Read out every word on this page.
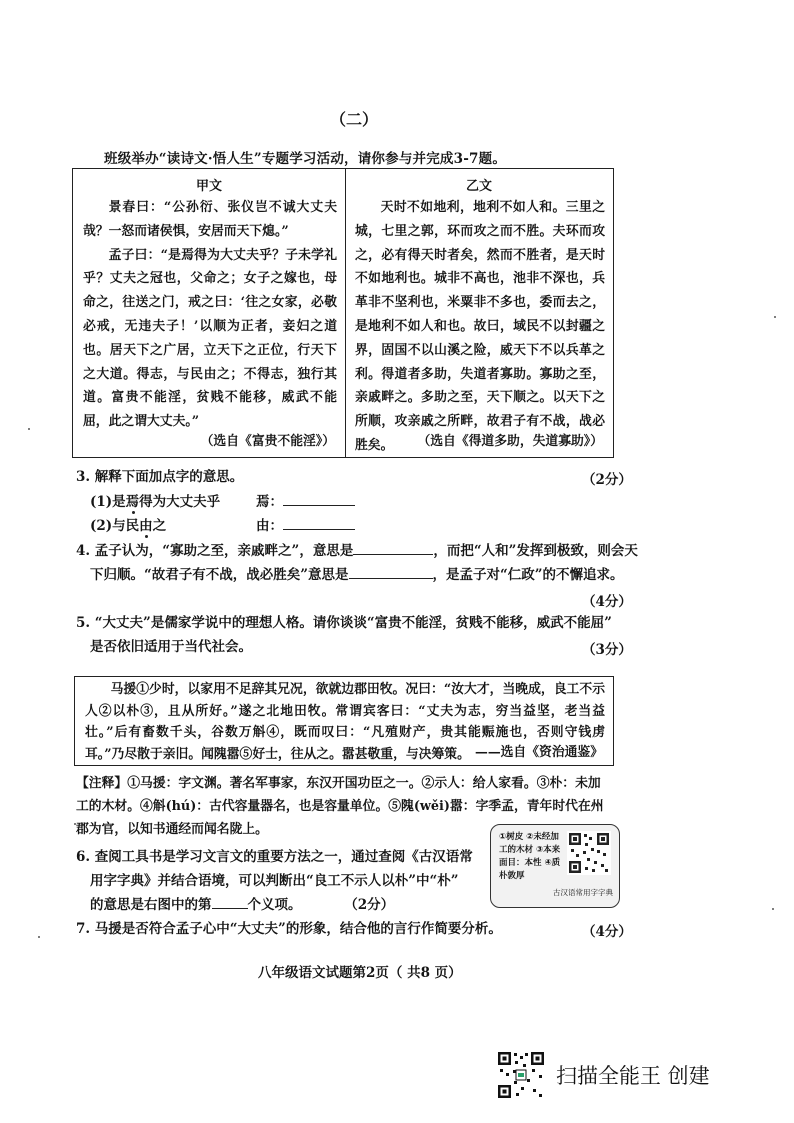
（二）
班级举办“读诗文·悟人生”专题学习活动，请你参与并完成3-7题。
甲文

景春曰：“公孙衍、张仪岂不诚大丈夫哉？一怒而诸侯惧，安居而天下熄。”

孟子曰：“是焉得为大丈夫乎？子未学礼乎？丈夫之冠也，父命之；女子之嫁也，母命之，往送之门，戒之曰：‘往之女家，必敬必戒，无违夫子！’以顺为正者，妾妇之道也。居天下之广居，立天下之正位，行天下之大道。得志，与民由之；不得志，独行其道。富贵不能淫，贫贱不能移，威武不能屈，此之谓大丈夫。”

（选自《富贵不能淫》）
乙文

天时不如地利，地利不如人和。三里之城，七里之郭，环而攻之而不胜。夫环而攻之，必有得天时者矣，然而不胜者，是天时不如地利也。城非不高也，池非不深也，兵革非不坚利也，米粟非不多也，委而去之，是地利不如人和也。故曰，域民不以封疆之界，固国不以山溪之险，威天下不以兵革之利。得道者多助，失道者寡助。寡助之至，亲戚畔之。多助之至，天下顺之。以天下之所顺，攻亲戚之所畔，故君子有不战，战必胜矣。	（选自《得道多助，失道寡助》）
3. 解释下面加点字的意思。	（2分）
(1)是焉得为大丈夫乎	焉：
(2)与民由之	由：
4. 孟子认为，“寡助之至，亲戚畔之”，意思是	，而把“人和”发挥到极致，则会天
下归顺。“故君子有不战，战必胜矣”意思是	，是孟子对“仁政”的不懈追求。
（4分）
5. “大丈夫”是儒家学说中的理想人格。请你谈谈“富贵不能淫，贫贱不能移，威武不能屈”
是否依旧适用于当代社会。	（3分）

马援①少时，以家用不足辞其兄况，欲就边郡田牧。况曰：“汝大才，当晚成，良工不示人②以朴③，且从所好。”遂之北地田牧。常谓宾客曰：“丈夫为志，穷当益坚，老当益壮。”后有畜数千头，谷数万斛④，既而叹曰：“凡殖财产，贵其能赈施也，否则守钱虏耳。”乃尽散于亲旧。闻隗嚣⑤好士，往从之。嚣甚敬重，与决筹策。 ——选自《资治通鉴》
【注释】①马援：字文渊。著名军事家，东汉开国功臣之一。②示人：给人家看。③朴：未加工的木材。④斛(hú)：古代容量器名，也是容量单位。⑤隗(wěi)嚣：字季孟，青年时代在州郡为官，以知书通经而闻名陇上。	①树皮 ②未经加工的木材 ③本来面目：本性 ④质朴敦厚
古汉语常用字字典
6. 查阅工具书是学习文言文的重要方法之一，通过查阅《古汉语常
用字字典》并结合语境，可以判断出“良工不示人以朴”中“朴”
的意思是右图中的第	个义项。	（2分）
7. 马援是否符合孟子心中“大丈夫”的形象，结合他的言行作简要分析。	（4分）
八年级语文试题第2页（ 共8 页）
扫描全能王 创建
